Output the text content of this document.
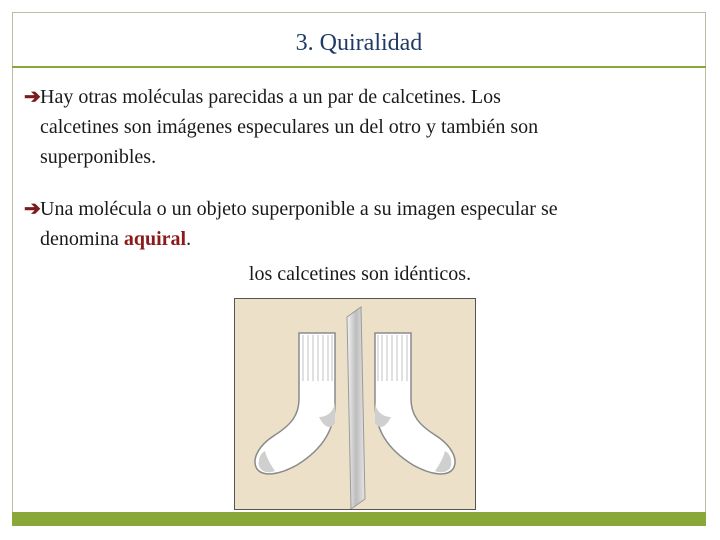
3. Quiralidad
➔Hay otras moléculas parecidas a un par de calcetines. Los
calcetines son imágenes especulares un del otro y también son
superponibles.
➔Una molécula o un objeto superponible a su imagen especular se
denomina aquiral.
los calcetines son idénticos.
